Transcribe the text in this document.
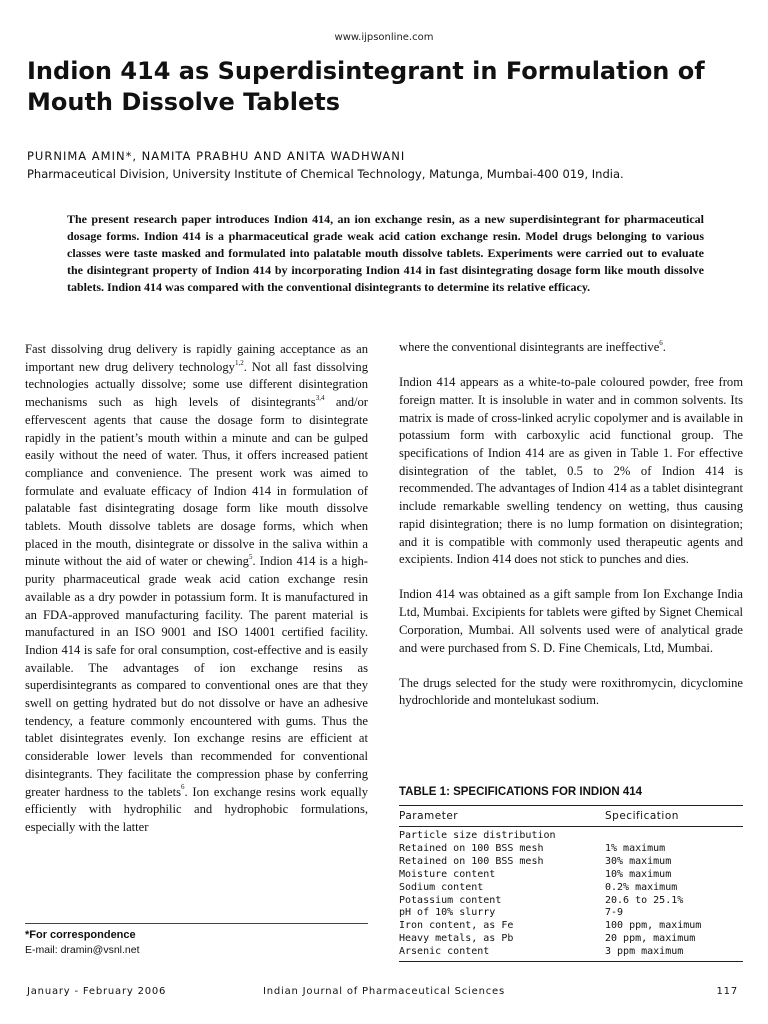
www.ijpsonline.com
Indion 414 as Superdisintegrant in Formulation of Mouth Dissolve Tablets
PURNIMA AMIN*, NAMITA PRABHU AND ANITA WADHWANI
Pharmaceutical Division, University Institute of Chemical Technology, Matunga, Mumbai-400 019, India.
The present research paper introduces Indion 414, an ion exchange resin, as a new superdisintegrant for pharmaceutical dosage forms. Indion 414 is a pharmaceutical grade weak acid cation exchange resin. Model drugs belonging to various classes were taste masked and formulated into palatable mouth dissolve tablets. Experiments were carried out to evaluate the disintegrant property of Indion 414 by incorporating Indion 414 in fast disintegrating dosage form like mouth dissolve tablets. Indion 414 was compared with the conventional disintegrants to determine its relative efficacy.

Fast dissolving drug delivery is rapidly gaining acceptance as an important new drug delivery technology$^{1,2}$. Not all fast dissolving technologies actually dissolve; some use different disintegration mechanisms such as high levels of disintegrants$^{3,4}$ and/or effervescent agents that cause the dosage form to disintegrate rapidly in the patient’s mouth within a minute and can be gulped easily without the need of water. Thus, it offers increased patient compliance and convenience. The present work was aimed to formulate and evaluate efficacy of Indion 414 in formulation of palatable fast disintegrating dosage form like mouth dissolve tablets. Mouth dissolve tablets are dosage forms, which when placed in the mouth, disintegrate or dissolve in the saliva within a minute without the aid of water or chewing$^5$. Indion 414 is a high-purity pharmaceutical grade weak acid cation exchange resin available as a dry powder in potassium form. It is manufactured in an FDA-approved manufacturing facility. The parent material is manufactured in an ISO 9001 and ISO 14001 certified facility. Indion 414 is safe for oral consumption, cost-effective and is easily available. The advantages of ion exchange resins as superdisintegrants as compared to conventional ones are that they swell on getting hydrated but do not dissolve or have an adhesive tendency, a feature commonly encountered with gums. Thus the tablet disintegrates evenly. Ion exchange resins are efficient at considerable lower levels than recommended for conventional disintegrants. They facilitate the compression phase by conferring greater hardness to the tablets$^6$. Ion exchange resins work equally efficiently with hydrophilic and hydrophobic formulations, especially with the latter

where the conventional disintegrants are ineffective$^6$.

Indion 414 appears as a white-to-pale coloured powder, free from foreign matter. It is insoluble in water and in common solvents. Its matrix is made of cross-linked acrylic copolymer and is available in potassium form with carboxylic acid functional group. The specifications of Indion 414 are as given in Table 1. For effective disintegration of the tablet, 0.5 to 2% of Indion 414 is recommended. The advantages of Indion 414 as a tablet disintegrant include remarkable swelling tendency on wetting, thus causing rapid disintegration; there is no lump formation on disintegration; and it is compatible with commonly used therapeutic agents and excipients. Indion 414 does not stick to punches and dies.

Indion 414 was obtained as a gift sample from Ion Exchange India Ltd, Mumbai. Excipients for tablets were gifted by Signet Chemical Corporation, Mumbai. All solvents used were of analytical grade and were purchased from S. D. Fine Chemicals, Ltd, Mumbai.

The drugs selected for the study were roxithromycin, dicyclomine hydrochloride and montelukast sodium.

TABLE 1: SPECIFICATIONS FOR INDION 414
Parameter	Specification
Particle size distribution	
Retained on 100 BSS mesh	1% maximum
Retained on 100 BSS mesh	30% maximum
Moisture content	10% maximum
Sodium content	0.2% maximum
Potassium content	20.6 to 25.1%
pH of 10% slurry	7-9
Iron content, as Fe	100 ppm, maximum
Heavy metals, as Pb	20 ppm, maximum
Arsenic content	3 ppm maximum
*For correspondence
E-mail: dramin@vsnl.net
January - February 2006	Indian Journal of Pharmaceutical Sciences	117
